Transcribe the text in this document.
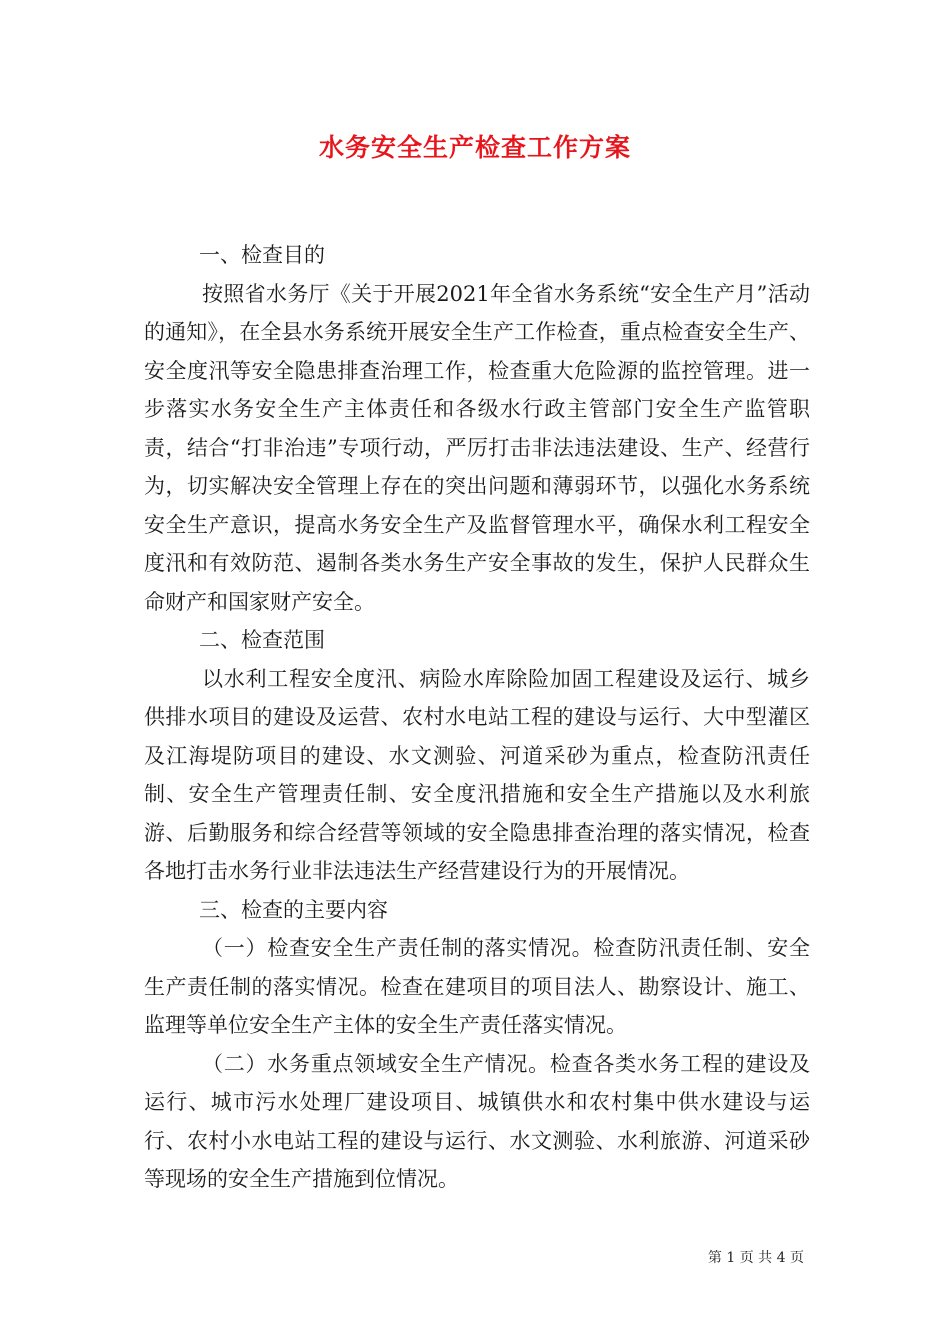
水务安全生产检查工作方案

一、检查目的

按照省水务厅《关于开展2021年全省水务系统“安全生产月”活动的通知》，在全县水务系统开展安全生产工作检查，重点检查安全生产、安全度汛等安全隐患排查治理工作，检查重大危险源的监控管理。进一步落实水务安全生产主体责任和各级水行政主管部门安全生产监管职责，结合“打非治违”专项行动，严厉打击非法违法建设、生产、经营行为，切实解决安全管理上存在的突出问题和薄弱环节，以强化水务系统安全生产意识，提高水务安全生产及监督管理水平，确保水利工程安全度汛和有效防范、遏制各类水务生产安全事故的发生，保护人民群众生命财产和国家财产安全。

二、检查范围

以水利工程安全度汛、病险水库除险加固工程建设及运行、城乡供排水项目的建设及运营、农村水电站工程的建设与运行、大中型灌区及江海堤防项目的建设、水文测验、河道采砂为重点，检查防汛责任制、安全生产管理责任制、安全度汛措施和安全生产措施以及水利旅游、后勤服务和综合经营等领域的安全隐患排查治理的落实情况，检查各地打击水务行业非法违法生产经营建设行为的开展情况。

三、检查的主要内容

（一）检查安全生产责任制的落实情况。检查防汛责任制、安全生产责任制的落实情况。检查在建项目的项目法人、勘察设计、施工、监理等单位安全生产主体的安全生产责任落实情况。

（二）水务重点领域安全生产情况。检查各类水务工程的建设及运行、城市污水处理厂建设项目、城镇供水和农村集中供水建设与运行、农村小水电站工程的建设与运行、水文测验、水利旅游、河道采砂等现场的安全生产措施到位情况。

第 1 页 共 4 页
